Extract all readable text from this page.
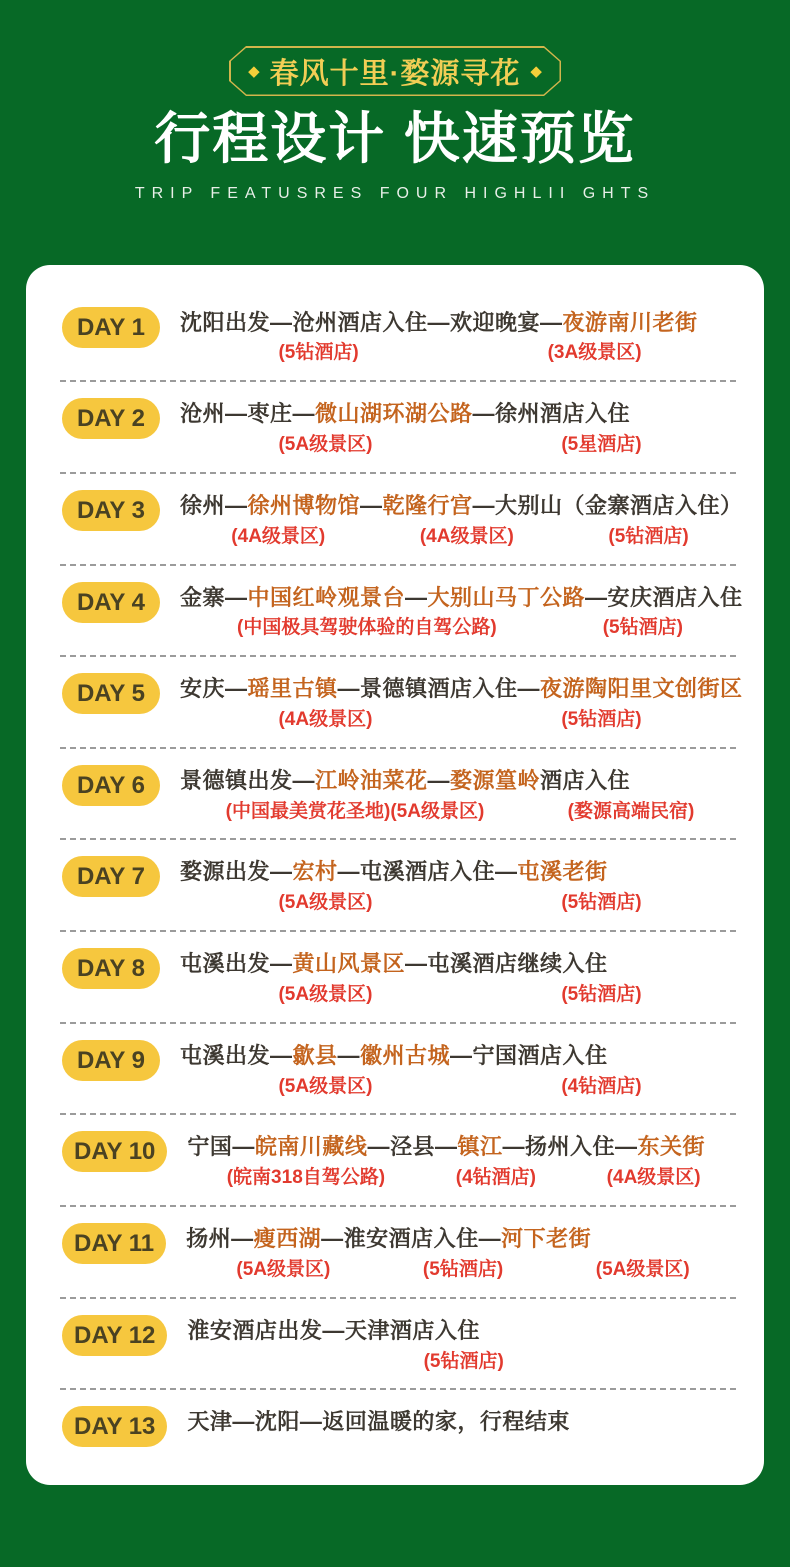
◆ 春风十里·婺源寻花 ◆
行程设计 快速预览
TRIP FEATUSRES FOUR HIGHLII GHTS
DAY 1	沈阳出发—沧州酒店入住—欢迎晚宴—夜游南川老街
(5钻酒店)	(3A级景区)
DAY 2	沧州—枣庄—微山湖环湖公路—徐州酒店入住
(5A级景区)	(5星酒店)
DAY 3	徐州—徐州博物馆—乾隆行宫—大别山（金寨酒店入住）
(4A级景区)	(4A级景区)	(5钻酒店)
DAY 4	金寨—中国红岭观景台—大别山马丁公路—安庆酒店入住
(中国极具驾驶体验的自驾公路)	(5钻酒店)
DAY 5	安庆—瑶里古镇—景德镇酒店入住—夜游陶阳里文创街区
(4A级景区)	(5钻酒店)
DAY 6	景德镇出发—江岭油菜花—婺源篁岭酒店入住
(中国最美赏花圣地)(5A级景区)	(婺源高端民宿)
DAY 7	婺源出发—宏村—屯溪酒店入住—屯溪老街
(5A级景区)	(5钻酒店)
DAY 8	屯溪出发—黄山风景区—屯溪酒店继续入住
(5A级景区)	(5钻酒店)
DAY 9	屯溪出发—歙县—徽州古城—宁国酒店入住
(5A级景区)	(4钻酒店)
DAY 10	宁国—皖南川藏线—泾县—镇江—扬州入住—东关街
(皖南318自驾公路)	(4钻酒店)	(4A级景区)
DAY 11	扬州—瘦西湖—淮安酒店入住—河下老街
(5A级景区)	(5钻酒店)	(5A级景区)
DAY 12	淮安酒店出发—天津酒店入住
(5钻酒店)
DAY 13	天津—沈阳—返回温暖的家，行程结束
